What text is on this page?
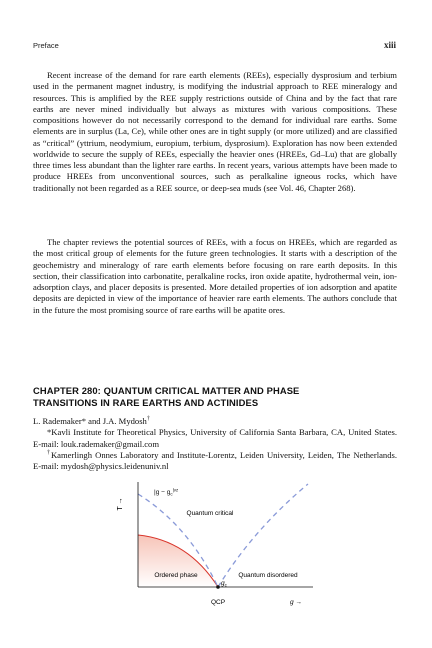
Preface	xiii

Recent increase of the demand for rare earth elements (REEs), especially dysprosium and terbium used in the permanent magnet industry, is modifying the industrial approach to REE mineralogy and resources. This is amplified by the REE supply restrictions outside of China and by the fact that rare earths are never mined individually but always as mixtures with various compositions. These compositions however do not necessarily correspond to the demand for individual rare earths. Some elements are in surplus (La, Ce), while other ones are in tight supply (or more utilized) and are classified as “critical” (yttrium, neodymium, europium, terbium, dysprosium). Exploration has now been extended worldwide to secure the supply of REEs, especially the heavier ones (HREEs, Gd–Lu) that are globally three times less abundant than the lighter rare earths. In recent years, various attempts have been made to produce HREEs from unconventional sources, such as peralkaline igneous rocks, which have traditionally not been regarded as a REE source, or deep-sea muds (see Vol. 46, Chapter 268).

The chapter reviews the potential sources of REEs, with a focus on HREEs, which are regarded as the most critical group of elements for the future green technologies. It starts with a description of the geochemistry and mineralogy of rare earth elements before focusing on rare earth deposits. In this section, their classification into carbonatite, peralkaline rocks, iron oxide apatite, hydrothermal vein, ion-adsorption clays, and placer deposits is presented. More detailed properties of ion adsorption and apatite deposits are depicted in view of the importance of heavier rare earth elements. The authors conclude that in the future the most promising source of rare earths will be apatite ores.

CHAPTER 280: QUANTUM CRITICAL MATTER AND PHASE
TRANSITIONS IN RARE EARTHS AND ACTINIDES

L. Rademaker* and J.A. Mydosh†

*Kavli Institute for Theoretical Physics, University of California Santa Barbara, CA, United States. E-mail: louk.rademaker@gmail.com

†Kamerlingh Onnes Laboratory and Institute-Lorentz, Leiden University, Leiden, The Netherlands. E-mail: mydosh@physics.leidenuniv.nl

T →
$|g - g_c^{|\nu z}$
Quantum critical
Ordered phase	Quantum disordered
$g_c$
QCP	g →
